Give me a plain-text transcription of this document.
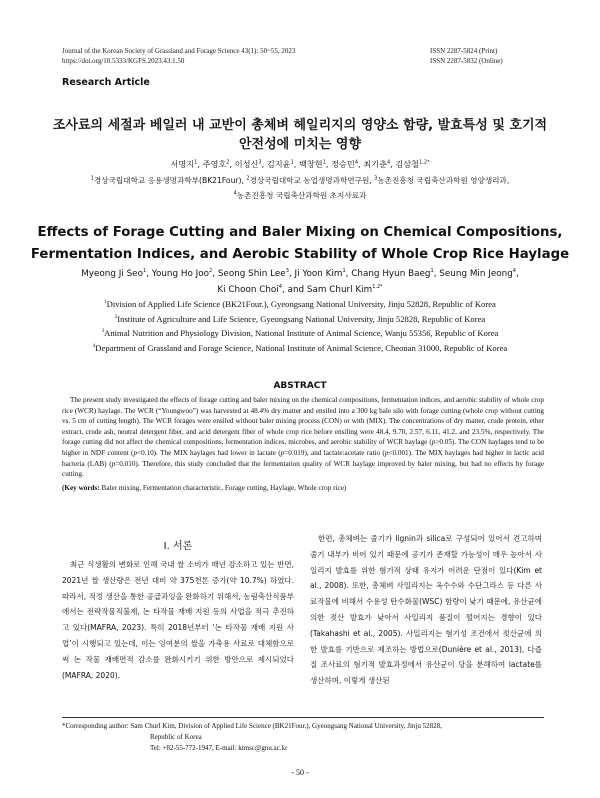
Journal of the Korean Society of Grassland and Forage Science 43(1): 50~55, 2023
https://doi.org/10.5333/KGFS.2023.43.1.50
ISSN 2287-5824 (Print)
ISSN 2287-5832 (Online)
Research Article
조사료의 세절과 베일러 내 교반이 총체벼 헤일리지의 영양소 함량, 발효특성 및 호기적
안전성에 미치는 영향
서명지$^1$, 주영호$^2$, 이성신$^3$, 김지윤$^1$, 백창현$^1$, 정승민$^4$, 최기춘$^4$, 김삼철$^{1,2*}$
$^1$경상국립대학교 응용생명과학부(BK21Four), $^2$경상국립대학교 농업생명과학연구원, $^3$농촌진흥청 국립축산과학원 영양생리과,
$^4$농촌진흥청 국립축산과학원 초지사료과
Effects of Forage Cutting and Baler Mixing on Chemical Compositions,
Fermentation Indices, and Aerobic Stability of Whole Crop Rice Haylage
Myeong Ji Seo$^1$, Young Ho Joo$^2$, Seong Shin Lee$^3$, Ji Yoon Kim$^1$, Chang Hyun Baeg$^1$, Seung Min Jeong$^4$,
Ki Choon Choi$^4$, and Sam Churl Kim$^{1,2*}$
$^1$Division of Applied Life Science (BK21Four.), Gyeongsang National University, Jinju 52828, Republic of Korea
$^2$Institute of Agriculture and Life Science, Gyeongsang National University, Jinju 52828, Republic of Korea
$^3$Animal Nutrition and Physiology Division, National Institute of Animal Science, Wanju 55356, Republic of Korea
$^4$Department of Grassland and Forage Science, National Institute of Animal Science, Cheonan 31000, Republic of Korea
ABSTRACT
The present study investigated the effects of forage cutting and baler mixing on the chemical compositions, fermentation indices, and aerobic stability of whole crop rice (WCR) haylage. The WCR (“Youngwoo”) was harvested at 48.4% dry matter and ensiled into a 300 kg bale silo with forage cutting (whole crop without cutting vs. 5 cm of cutting length). The WCR forages were ensiled without baler mixing process (CON) or with (MIX). The concentrations of dry matter, crude protein, ether extract, crude ash, neutral detergent fiber, and acid detergent fiber of whole crop rice before ensiling were 48.4, 9.70, 2.57, 6.11, 41.2, and 23.5%, respectively. The forage cutting did not affect the chemical compositions, fermentation indices, microbes, and aerobic stability of WCR haylage (p>0.05). The CON haylages tend to be higher in NDF content (p<0.10). The MIX haylages had lower in lactate (p=0.019), and lactate:acetate ratio (p<0.001). The MIX haylages had higher in lactic acid bacteria (LAB) (p=0.010). Therefore, this study concluded that the fermentation quality of WCR haylage improved by baler mixing, but had no effects by forage cutting.
(Key words: Baler mixing, Fermentation characteristic, Forage cutting, Haylage, Whole crop rice)
Ⅰ. 서론

최근 식생활의 변화로 인해 국내 쌀 소비가 매년 감소하고 있는 반면, 2021년 쌀 생산량은 전년 대비 약 375천톤 증가(약 10.7%) 하였다. 따라서, 적정 생산을 통한 공급과잉을 완화하기 위해서, 농림축산식품부에서는 전략작물직불제, 논 타작물 재배 지원 등의 사업을 적극 추진하고 있다(MAFRA, 2023). 특히 2018년부터 ‘논 타작물 재배 지원 사업’이 시행되고 있는데, 이는 잉여분의 쌀을 가축용 사료로 대체함으로써 논 작물 재배면적 감소를 완화시키기 위한 방안으로 제시되었다(MAFRA, 2020).

한편, 총체벼는 줄기가 lignin과 silica로 구성되어 있어서 견고하며 줄기 내부가 비어 있기 때문에 공기가 존재할 가능성이 매우 높아서 사일리지 발효를 위한 혐기적 상태 유지가 어려운 단점이 있다(Kim et al., 2008). 또한, 총체벼 사일리지는 옥수수와 수단그라스 등 다른 사료작물에 비해서 수용성 탄수화물(WSC) 함량이 낮기 때문에, 유산균에 의한 젖산 발효가 낮아서 사일리지 품질이 떨어지는 경향이 있다(Takahashi et al., 2005). 사일리지는 혐기성 조건에서 젖산균에 의한 발효를 기반으로 제조하는 방법으로(Dunière et al., 2013), 다즙질 조사료의 혐기적 발효과정에서 유산균이 당을 분해하여 lactate를 생산하며, 이렇게 생산된

*Corresponding author: Sam Churl Kim, Division of Applied Life Science (BK21Four.), Gyeongsang National University, Jinju 52828,
Republic of Korea
Tel: +82-55-772-1947, E-mail: kimsc@gnu.ac.kr
- 50 -
